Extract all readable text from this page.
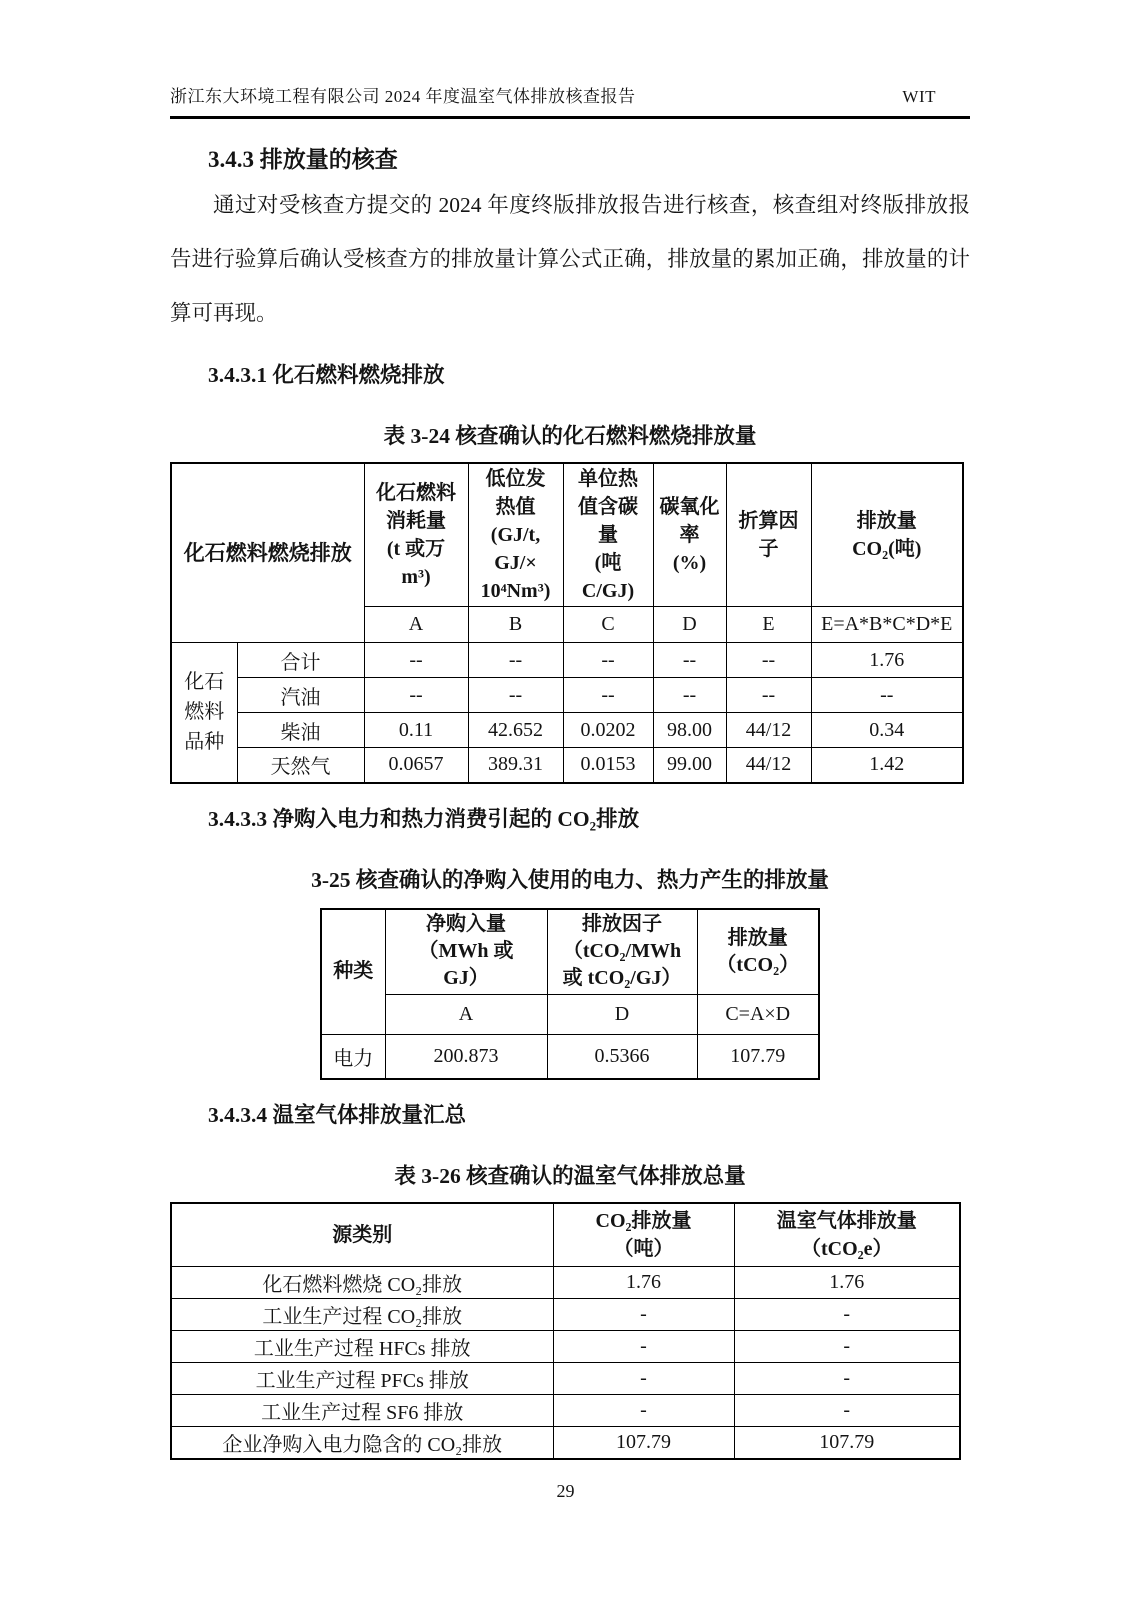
浙江东大环境工程有限公司 2024 年度温室气体排放核查报告	WIT
3.4.3 排放量的核查

通过对受核查方提交的 2024 年度终版排放报告进行核查，核查组对终版排放报告进行验算后确认受核查方的排放量计算公式正确，排放量的累加正确，排放量的计算可再现。

3.4.3.1 化石燃料燃烧排放
表 3-24 核查确认的化石燃料燃烧排放量
化石燃料燃烧排放		化石燃料
消耗量
(t 或万
m³)	低位发
热值
(GJ/t,
GJ/×
10⁴Nm³)	单位热
值含碳
量
(吨
C/GJ)	碳氧化
率
(%)	折算因
子	排放量
CO₂(吨)

		A	B	C	D	E	E=A*B*C*D*E
化石燃料品种	合计	--	--	--	--	--	1.76
	汽油	--	--	--	--	--	--
	柴油	0.11	42.652	0.0202	98.00	44/12	0.34
	天然气	0.0657	389.31	0.0153	99.00	44/12	1.42
3.4.3.3 净购入电力和热力消费引起的 CO₂排放
3-25 核查确认的净购入使用的电力、热力产生的排放量
种类	净购入量
（MWh 或
GJ）	排放因子
（tCO₂/MWh
或 tCO₂/GJ）	排放量
（tCO₂）

	A	D	C=A×D
电力	200.873	0.5366	107.79
3.4.3.4 温室气体排放量汇总
表 3-26 核查确认的温室气体排放总量
源类别	CO₂排放量
（吨）	温室气体排放量
（tCO₂e）

化石燃料燃烧 CO₂排放	1.76	1.76
工业生产过程 CO₂排放	-	-
工业生产过程 HFCs 排放	-	-
工业生产过程 PFCs 排放	-	-
工业生产过程 SF6 排放	-	-
企业净购入电力隐含的 CO₂排放	107.79	107.79
29
